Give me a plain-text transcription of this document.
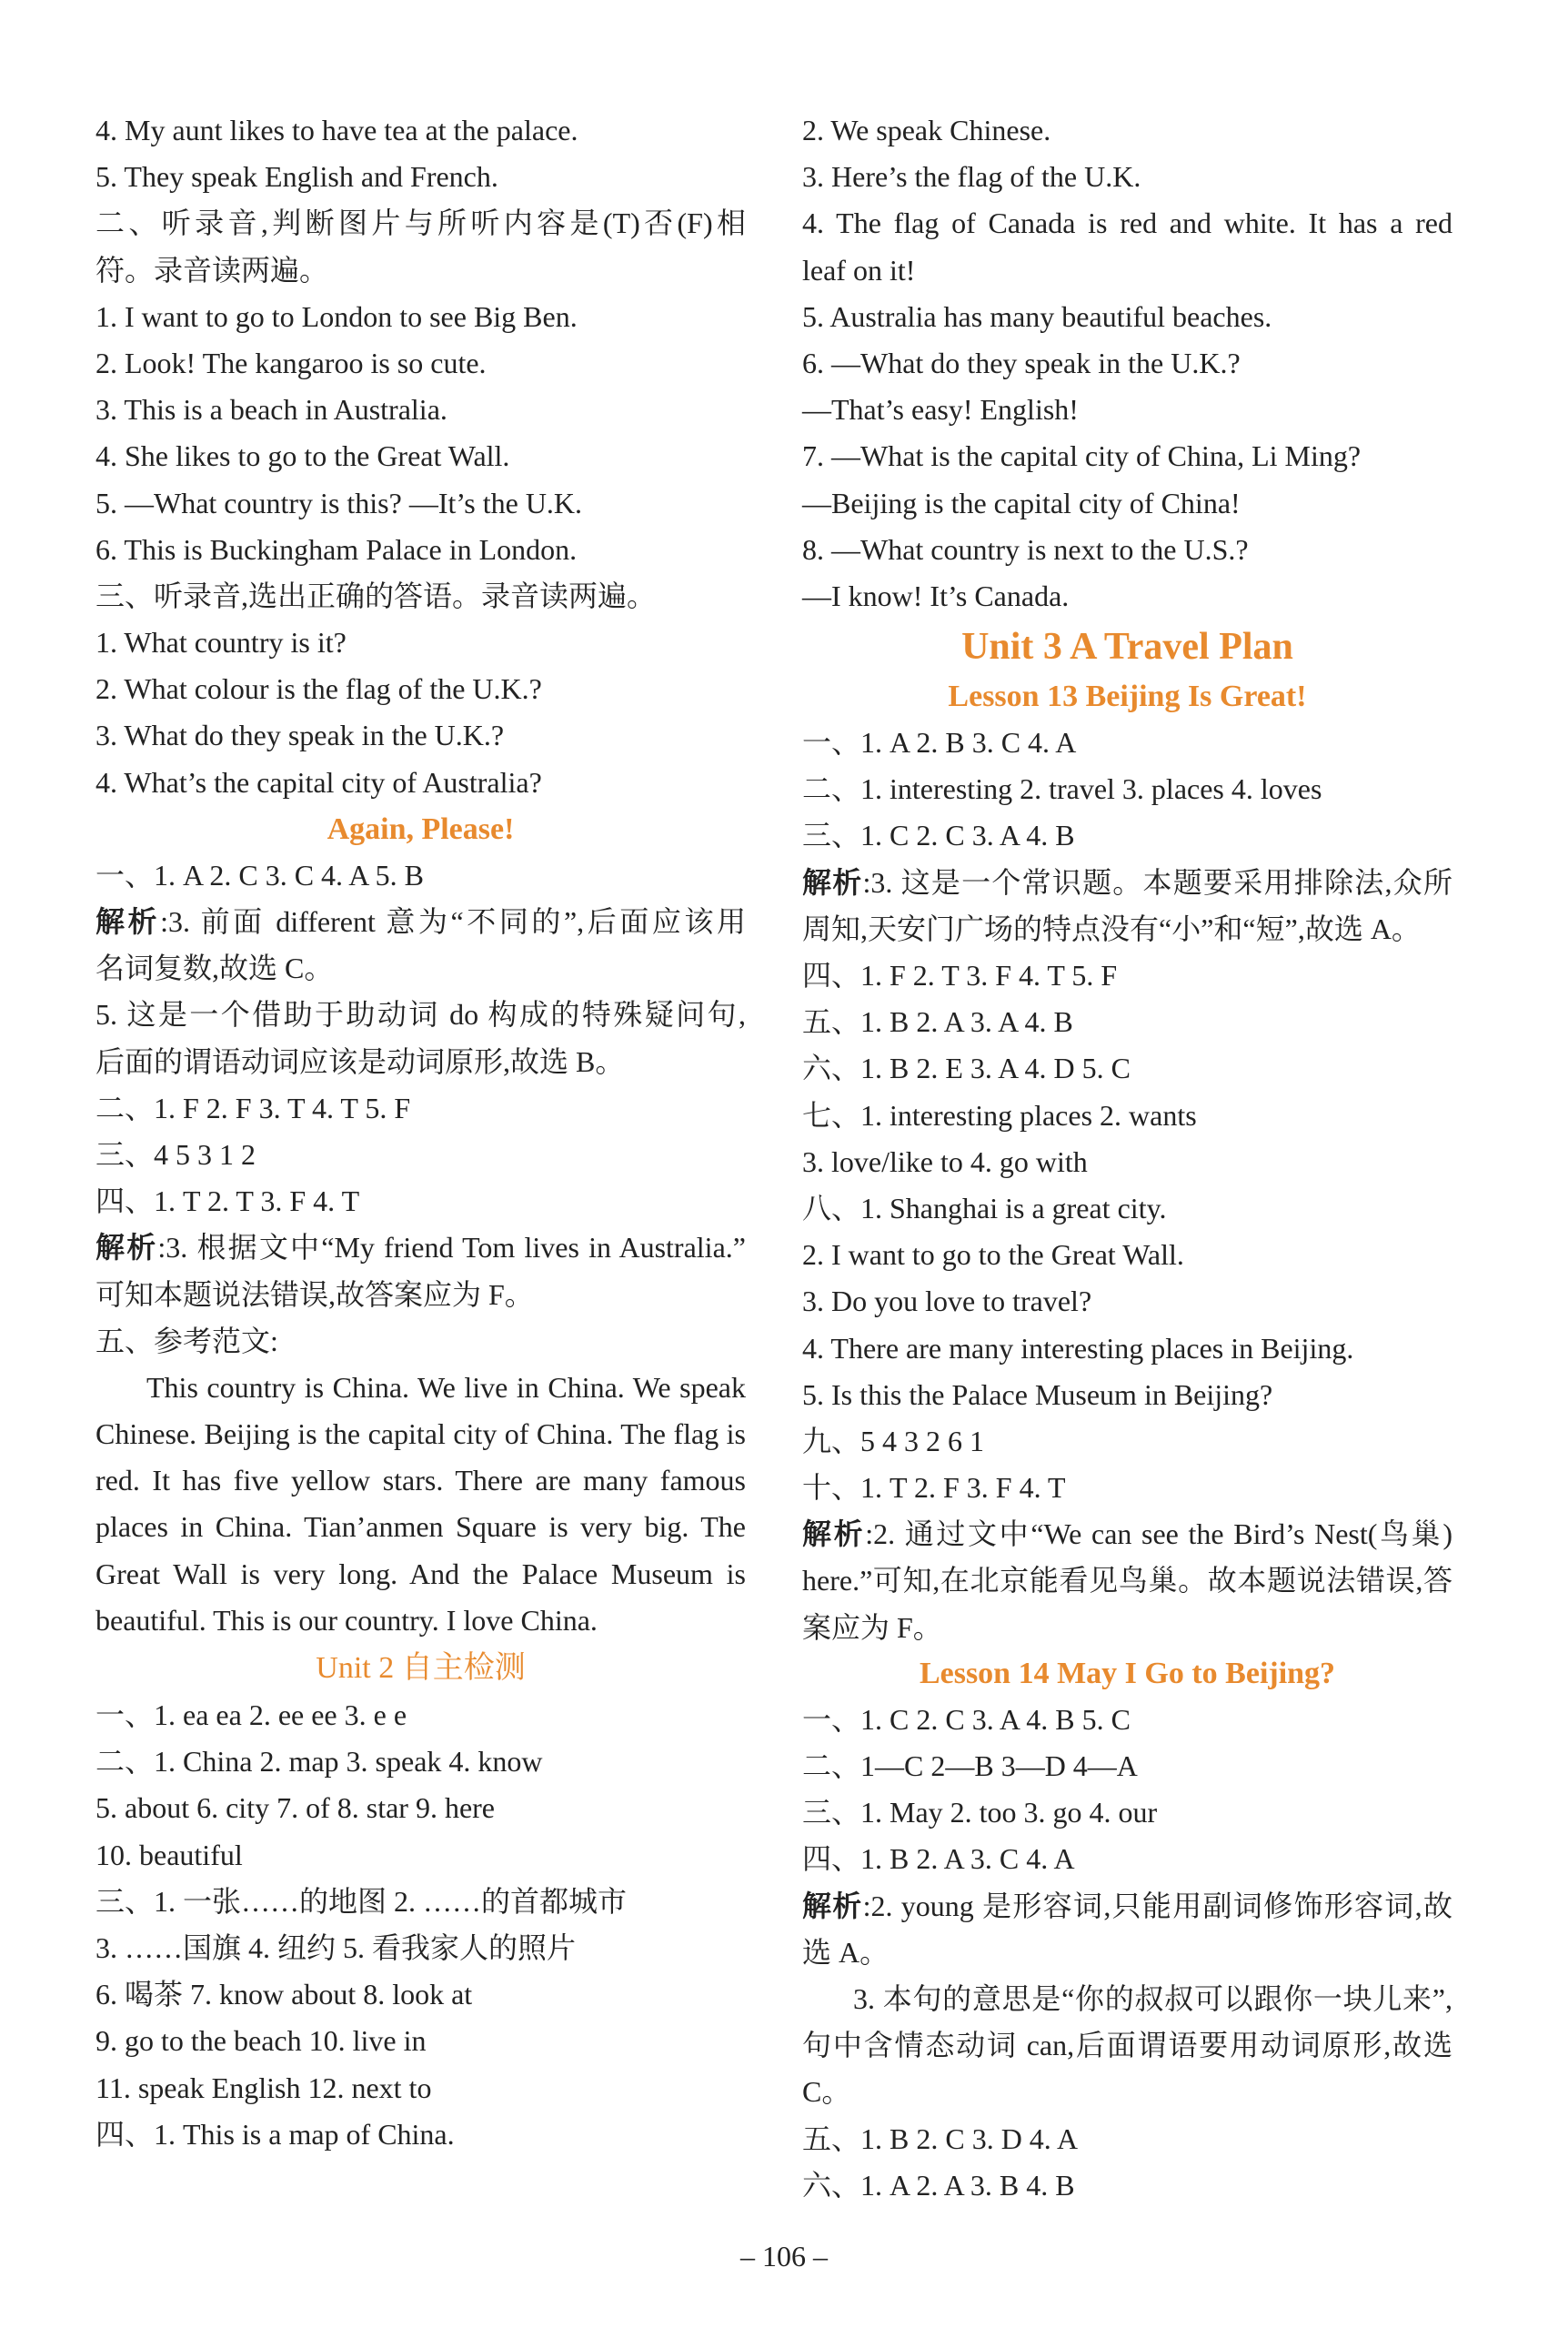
4. My aunt likes to have tea at the palace.
5. They speak English and French.
二、听录音,判断图片与所听内容是(T)否(F)相
符。录音读两遍。
1. I want to go to London to see Big Ben.
2. Look! The kangaroo is so cute.
3. This is a beach in Australia.
4. She likes to go to the Great Wall.
5. —What country is this? —It’s the U.K.
6. This is Buckingham Palace in London.
三、听录音,选出正确的答语。录音读两遍。
1. What country is it?
2. What colour is the flag of the U.K.?
3. What do they speak in the U.K.?
4. What’s the capital city of Australia?
Again, Please!
一、1. A 2. C 3. C 4. A 5. B
解析:3. 前面 different 意为“不同的”,后面应该用
名词复数,故选 C。
5. 这是一个借助于助动词 do 构成的特殊疑问句,
后面的谓语动词应该是动词原形,故选 B。
二、1. F 2. F 3. T 4. T 5. F
三、4 5 3 1 2
四、1. T 2. T 3. F 4. T
解析:3. 根据文中“My friend Tom lives in Australia.”
可知本题说法错误,故答案应为 F。
五、参考范文:
This country is China. We live in China. We speak Chinese. Beijing is the capital city of China. The flag is red. It has five yellow stars. There are many famous places in China. Tian’anmen Square is very big. The Great Wall is very long. And the Palace Museum is beautiful. This is our country. I love China.
Unit 2 自主检测
一、1. ea ea 2. ee ee 3. e e
二、1. China 2. map 3. speak 4. know
5. about 6. city 7. of 8. star 9. here
10. beautiful
三、1. 一张……的地图 2. ……的首都城市
3. ……国旗 4. 纽约 5. 看我家人的照片
6. 喝茶 7. know about 8. look at
9. go to the beach 10. live in
11. speak English 12. next to
四、1. This is a map of China.
2. We speak Chinese.
3. Here’s the flag of the U.K.
4. The flag of Canada is red and white. It has a red
leaf on it!
5. Australia has many beautiful beaches.
6. —What do they speak in the U.K.?
—That’s easy! English!
7. —What is the capital city of China, Li Ming?
—Beijing is the capital city of China!
8. —What country is next to the U.S.?
—I know! It’s Canada.
Unit 3 A Travel Plan
Lesson 13 Beijing Is Great!
一、1. A 2. B 3. C 4. A
二、1. interesting 2. travel 3. places 4. loves
三、1. C 2. C 3. A 4. B
解析:3. 这是一个常识题。本题要采用排除法,众所周知,天安门广场的特点没有“小”和“短”,故选 A。
四、1. F 2. T 3. F 4. T 5. F
五、1. B 2. A 3. A 4. B
六、1. B 2. E 3. A 4. D 5. C
七、1. interesting places 2. wants
3. love/like to 4. go with
八、1. Shanghai is a great city.
2. I want to go to the Great Wall.
3. Do you love to travel?
4. There are many interesting places in Beijing.
5. Is this the Palace Museum in Beijing?
九、5 4 3 2 6 1
十、1. T 2. F 3. F 4. T
解析:2. 通过文中“We can see the Bird’s Nest(鸟巢) here.”可知,在北京能看见鸟巢。故本题说法错误,答案应为 F。
Lesson 14 May I Go to Beijing?
一、1. C 2. C 3. A 4. B 5. C
二、1—C 2—B 3—D 4—A
三、1. May 2. too 3. go 4. our
四、1. B 2. A 3. C 4. A
解析:2. young 是形容词,只能用副词修饰形容词,故选 A。
3. 本句的意思是“你的叔叔可以跟你一块儿来”,句中含情态动词 can,后面谓语要用动词原形,故选 C。
五、1. B 2. C 3. D 4. A
六、1. A 2. A 3. B 4. B
– 106 –
